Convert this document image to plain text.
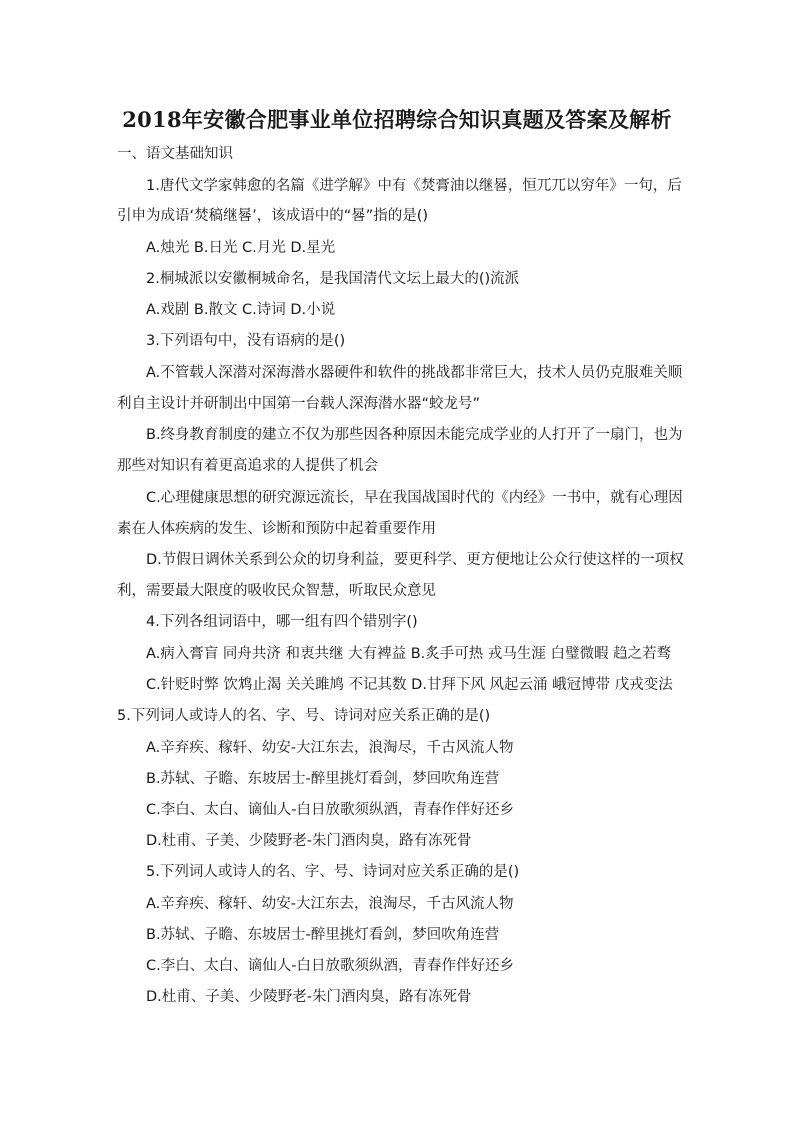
2018年安徽合肥事业单位招聘综合知识真题及答案及解析

一、语文基础知识

1.唐代文学家韩愈的名篇《进学解》中有《焚膏油以继晷，恒兀兀以穷年》一句，后

引申为成语‘焚稿继晷’，该成语中的“晷”指的是()

A.烛光 B.日光 C.月光 D.星光

2.桐城派以安徽桐城命名，是我国清代文坛上最大的()流派

A.戏剧 B.散文 C.诗词 D.小说

3.下列语句中，没有语病的是()

A.不管载人深潜对深海潜水器硬件和软件的挑战都非常巨大，技术人员仍克服难关顺

利自主设计并研制出中国第一台载人深海潜水器“蛟龙号”

B.终身教育制度的建立不仅为那些因各种原因未能完成学业的人打开了一扇门，也为

那些对知识有着更高追求的人提供了机会

C.心理健康思想的研究源远流长，早在我国战国时代的《内经》一书中，就有心理因

素在人体疾病的发生、诊断和预防中起着重要作用

D.节假日调休关系到公众的切身利益，要更科学、更方便地让公众行使这样的一项权

利，需要最大限度的吸收民众智慧，听取民众意见

4.下列各组词语中，哪一组有四个错别字()

A.病入膏盲 同舟共济 和衷共继 大有裨益 B.炙手可热 戎马生涯 白璧微暇 趋之若骛

C.针贬时弊 饮鸩止渴 关关雎鸠 不记其数 D.甘拜下风 风起云涌 峨冠博带 戊戎变法

5.下列词人或诗人的名、字、号、诗词对应关系正确的是()

A.辛弃疾、稼轩、幼安-大江东去，浪淘尽，千古风流人物

B.苏轼、子瞻、东坡居士-醉里挑灯看剑，梦回吹角连营

C.李白、太白、谪仙人-白日放歌须纵酒，青春作伴好还乡

D.杜甫、子美、少陵野老-朱门酒肉臭，路有冻死骨

5.下列词人或诗人的名、字、号、诗词对应关系正确的是()

A.辛弃疾、稼轩、幼安-大江东去，浪淘尽，千古风流人物

B.苏轼、子瞻、东坡居士-醉里挑灯看剑，梦回吹角连营

C.李白、太白、谪仙人-白日放歌须纵酒，青春作伴好还乡

D.杜甫、子美、少陵野老-朱门酒肉臭，路有冻死骨
